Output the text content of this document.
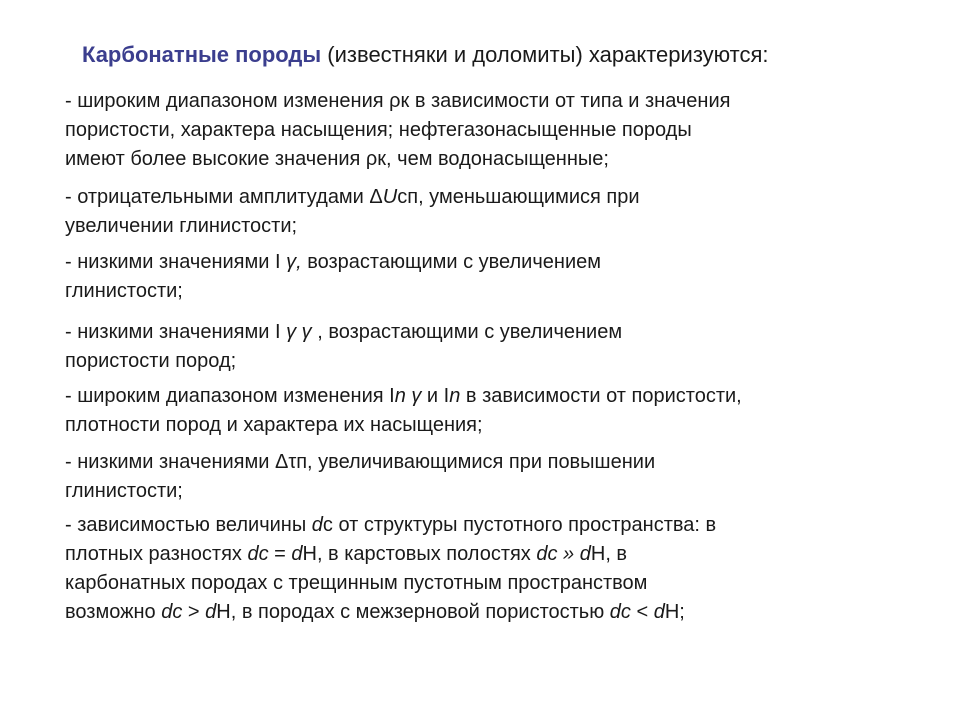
Карбонатные породы (известняки и доломиты) характеризуются:
- широким диапазоном изменения ρк в зависимости от типа и значения
пористости, характера насыщения; нефтегазонасыщенные породы
имеют более высокие значения ρк, чем водонасыщенные;
- отрицательными амплитудами ΔUсп, уменьшающимися при
увеличении глинистости;
- низкими значениями I γ, возрастающими с увеличением
глинистости;
- низкими значениями I γ γ , возрастающими с увеличением
пористости пород;
- широким диапазоном изменения In γ и In в зависимости от пористости,
плотности пород и характера их насыщения;
- низкими значениями Δτп, увеличивающимися при повышении
глинистости;
- зависимостью величины dс от структуры пустотного пространства: в
плотных разностях dc = dН, в карстовых полостях dc » dН, в
карбонатных породах с трещинным пустотным пространством
возможно dc > dН, в породах с межзерновой пористостью dc < dН;
